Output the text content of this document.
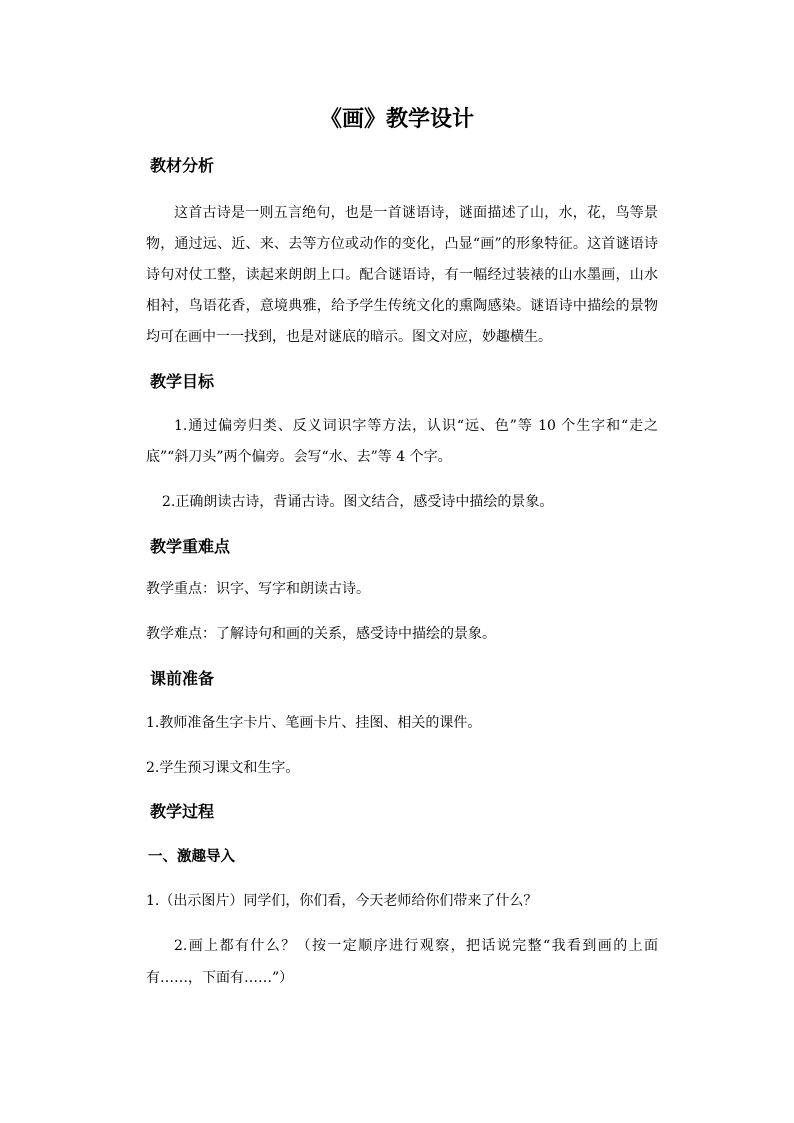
《画》教学设计
教材分析
这首古诗是一则五言绝句，也是一首谜语诗，谜面描述了山，水，花，鸟等景物，通过远、近、来、去等方位或动作的变化，凸显“画”的形象特征。这首谜语诗诗句对仗工整，读起来朗朗上口。配合谜语诗，有一幅经过装裱的山水墨画，山水相衬，鸟语花香，意境典雅，给予学生传统文化的熏陶感染。谜语诗中描绘的景物均可在画中一一找到，也是对谜底的暗示。图文对应，妙趣横生。
教学目标
1.通过偏旁归类、反义词识字等方法，认识“远、色”等 10 个生字和“走之底”“斜刀头”两个偏旁。会写“水、去”等 4 个字。
2.正确朗读古诗，背诵古诗。图文结合，感受诗中描绘的景象。
教学重难点
教学重点：识字、写字和朗读古诗。
教学难点：了解诗句和画的关系，感受诗中描绘的景象。
课前准备
1.教师准备生字卡片、笔画卡片、挂图、相关的课件。
2.学生预习课文和生字。
教学过程
一、激趣导入
1.（出示图片）同学们，你们看，今天老师给你们带来了什么？
2.画上都有什么？（按一定顺序进行观察，把话说完整“我看到画的上面有……，下面有……”）
